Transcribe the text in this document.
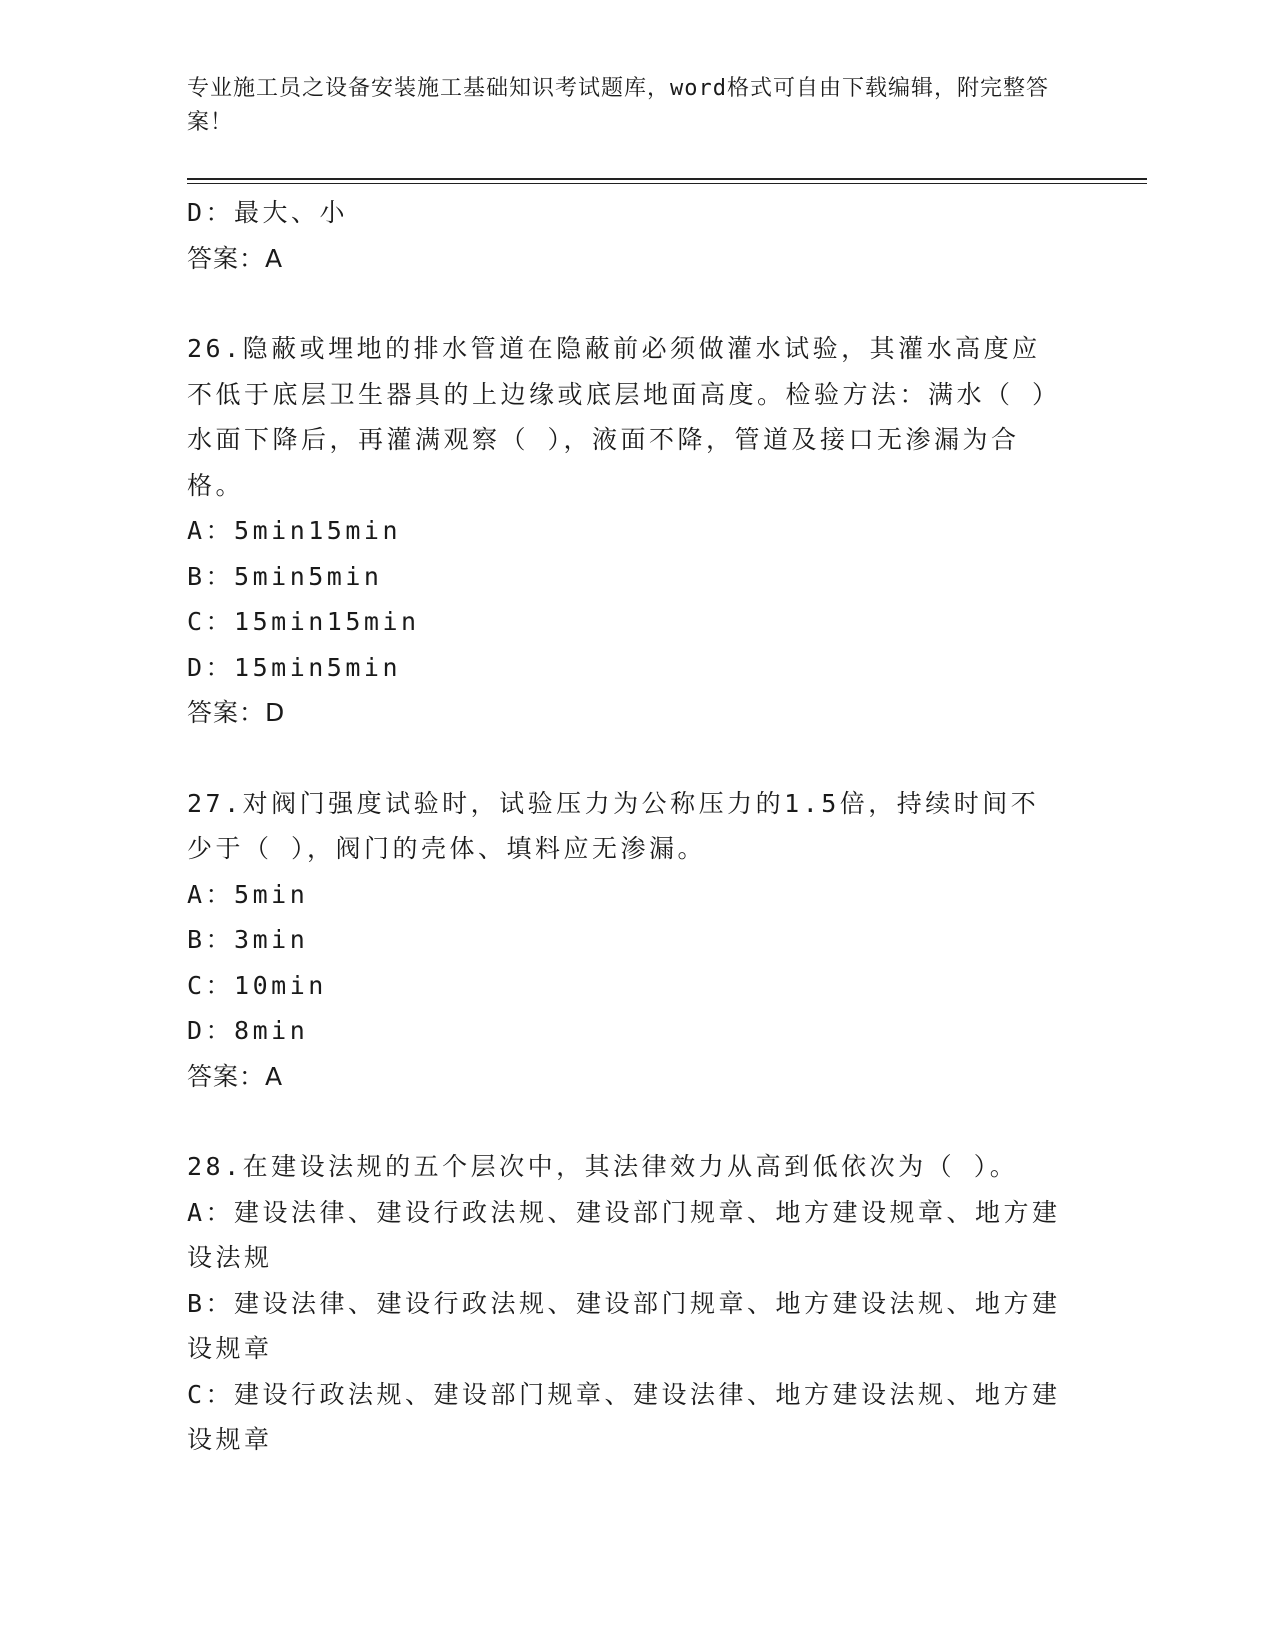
专业施工员之设备安装施工基础知识考试题库，word格式可自由下载编辑，附完整答案！
D：最大、小
答案：A
26.隐蔽或埋地的排水管道在隐蔽前必须做灌水试验，其灌水高度应不低于底层卫生器具的上边缘或底层地面高度。检验方法：满水（ ）水面下降后，再灌满观察（ ），液面不降，管道及接口无渗漏为合格。
A：5min15min
B：5min5min
C：15min15min
D：15min5min
答案：D
27.对阀门强度试验时，试验压力为公称压力的1.5倍，持续时间不少于（ ），阀门的壳体、填料应无渗漏。
A：5min
B：3min
C：10min
D：8min
答案：A
28.在建设法规的五个层次中，其法律效力从高到低依次为（ ）。
A：建设法律、建设行政法规、建设部门规章、地方建设规章、地方建设法规
B：建设法律、建设行政法规、建设部门规章、地方建设法规、地方建设规章
C：建设行政法规、建设部门规章、建设法律、地方建设法规、地方建设规章
